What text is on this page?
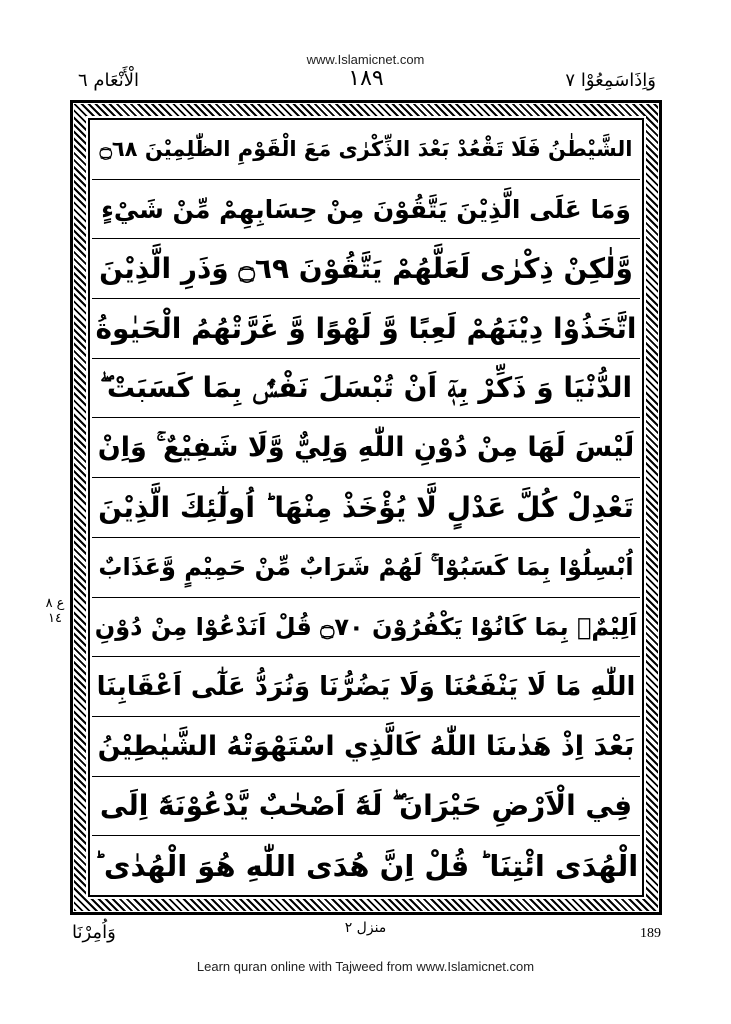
www.Islamicnet.com
الْأَنْعَام ٦	١٨٩	وَاِذَاسَمِعُوْا ٧
الشَّيْطٰنُ فَلَا تَقْعُدْ بَعْدَ الذِّكْرٰى مَعَ الْقَوْمِ الظّٰلِمِيْنَ ۝٦٨
وَمَا عَلَى الَّذِيْنَ يَتَّقُوْنَ مِنْ حِسَابِهِمْ مِّنْ شَيْءٍ
وَّلٰكِنْ ذِكْرٰى لَعَلَّهُمْ يَتَّقُوْنَ ۝٦٩ وَذَرِ الَّذِيْنَ
اتَّخَذُوْا دِيْنَهُمْ لَعِبًا وَّ لَهْوًا وَّ غَرَّتْهُمُ الْحَيٰوةُ
الدُّنْيَا وَ ذَكِّرْ بِهٖٓ اَنْ تُبْسَلَ نَفْسٌۢ بِمَا كَسَبَتْ ۖ
لَيْسَ لَهَا مِنْ دُوْنِ اللّٰهِ وَلِيٌّ وَّلَا شَفِيْعٌ ۚ وَاِنْ
تَعْدِلْ كُلَّ عَدْلٍ لَّا يُؤْخَذْ مِنْهَا ؕ اُولٰٓئِكَ الَّذِيْنَ
اُبْسِلُوْا بِمَا كَسَبُوْا ۚ لَهُمْ شَرَابٌ مِّنْ حَمِيْمٍ وَّعَذَابٌ
اَلِيْمٌۢ بِمَا كَانُوْا يَكْفُرُوْنَ ۝٧٠ قُلْ اَنَدْعُوْا مِنْ دُوْنِ
اللّٰهِ مَا لَا يَنْفَعُنَا وَلَا يَضُرُّنَا وَنُرَدُّ عَلٰٓى اَعْقَابِنَا
بَعْدَ اِذْ هَدٰىنَا اللّٰهُ كَالَّذِي اسْتَهْوَتْهُ الشَّيٰطِيْنُ
فِي الْاَرْضِ حَيْرَانَ ۖ لَهٗٓ اَصْحٰبٌ يَّدْعُوْنَهٗٓ اِلَى
الْهُدَى ائْتِنَا ؕ قُلْ اِنَّ هُدَى اللّٰهِ هُوَ الْهُدٰى ؕ
ع ٨ ١٤
وَاُمِرْنَا	منزل ٢	189
Learn quran online with Tajweed from www.Islamicnet.com
